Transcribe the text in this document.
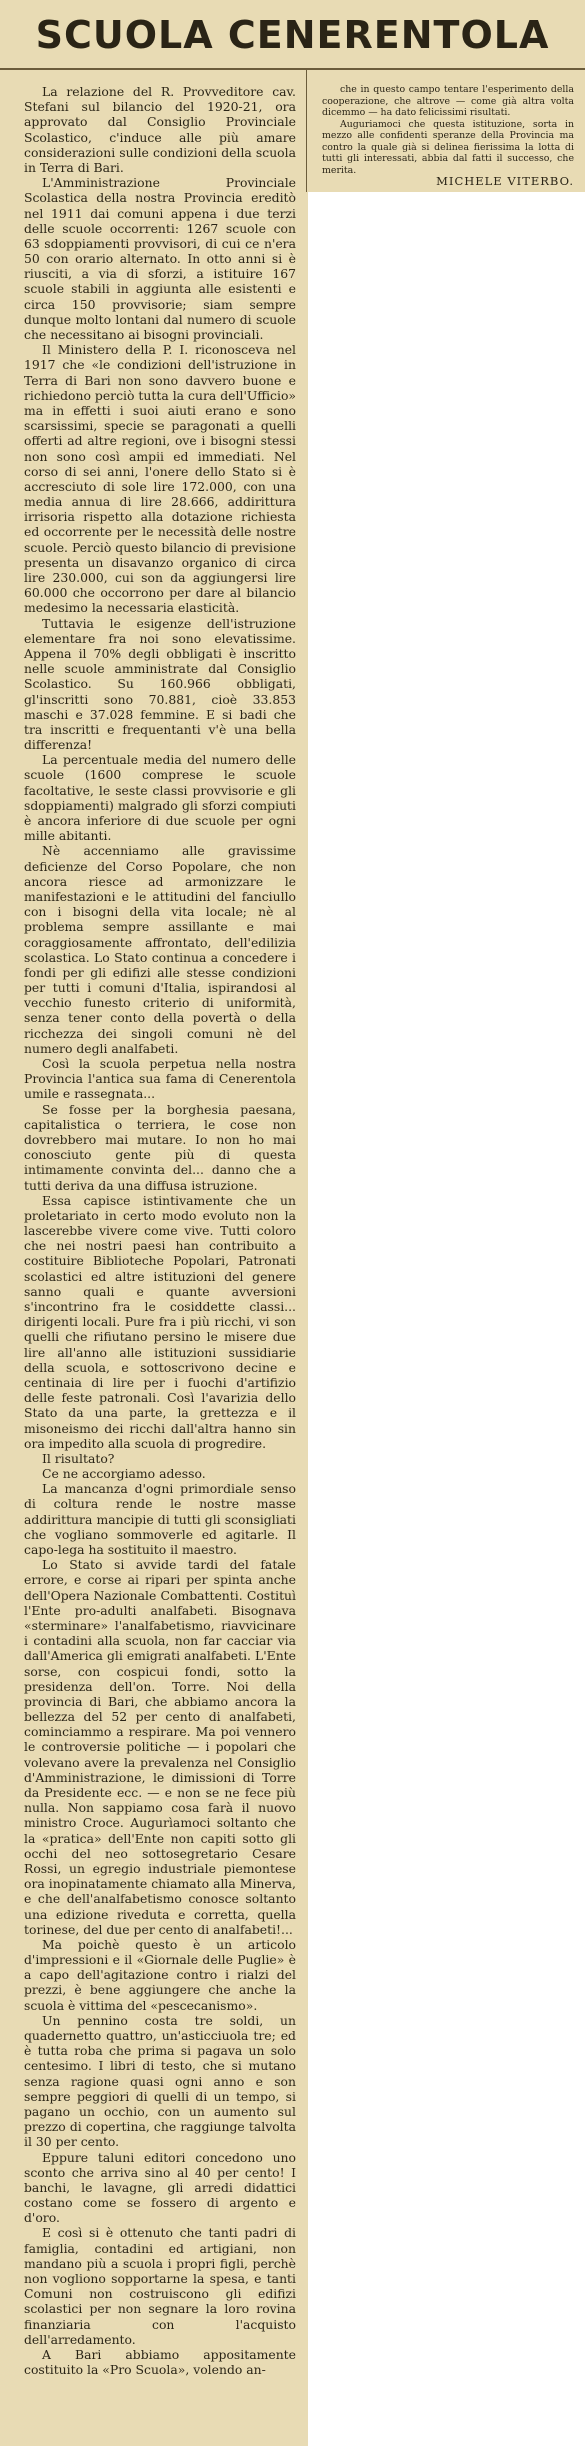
La relazione del R. Provveditore cav. Stefani sul bilancio del 1920-21, ora approvato dal Consiglio Provinciale Scolastico, c'induce alle più amare considerazioni sulle condizioni della scuola in Terra di Bari.

L'Amministrazione Provinciale Scolastica della nostra Provincia ereditò nel 1911 dai comuni appena i due terzi delle scuole occorrenti: 1267 scuole con 63 sdoppiamenti provvisori, di cui ce n'era 50 con orario alternato. In otto anni si è riusciti, a via di sforzi, a istituire 167 scuole stabili in aggiunta alle esistenti e circa 150 provvisorie; siam sempre dunque molto lontani dal numero di scuole che necessitano ai bisogni provinciali.

Il Ministero della P. I. riconosceva nel 1917 che «le condizioni dell'istruzione in Terra di Bari non sono davvero buone e richiedono perciò tutta la cura dell'Ufficio» ma in effetti i suoi aiuti erano e sono scarsissimi, specie se paragonati a quelli offerti ad altre regioni, ove i bisogni stessi non sono così ampii ed immediati. Nel corso di sei anni, l'onere dello Stato si è accresciuto di sole lire 172.000, con una media annua di lire 28.666, addirittura irrisoria rispetto alla dotazione richiesta ed occorrente per le necessità delle nostre scuole. Perciò questo bilancio di previsione presenta un disavanzo organico di circa lire 230.000, cui son da aggiungersi lire 60.000 che occorrono per dare al bilancio medesimo la necessaria elasticità.

Tuttavia le esigenze dell'istruzione elementare fra noi sono elevatissime. Appena il 70% degli obbligati è inscritto nelle scuole amministrate dal Consiglio Scolastico. Su 160.966 obbligati, gl'inscritti sono 70.881, cioè 33.853 maschi e 37.028 femmine. E si badi che tra inscritti e frequentanti v'è una bella differenza!

La percentuale media del numero delle scuole (1600 comprese le scuole facoltative, le seste classi provvisorie e gli sdoppiamenti) malgrado gli sforzi compiuti è ancora inferiore di due scuole per ogni mille abitanti.

Nè accenniamo alle gravissime deficienze del Corso Popolare, che non ancora riesce ad armonizzare le manifestazioni e le attitudini del fanciullo con i bisogni della vita locale; nè al problema sempre assillante e mai coraggiosamente affrontato, dell'edilizia scolastica. Lo Stato continua a concedere i fondi per gli edifizi alle stesse condizioni per tutti i comuni d'Italia, ispirandosi al vecchio funesto criterio di uniformità, senza tener conto della povertà o della ricchezza dei singoli comuni nè del numero degli analfabeti.

Così la scuola perpetua nella nostra Provincia l'antica sua fama di Cenerentola umile e rassegnata...

Se fosse per la borghesia paesana, capitalistica o terriera, le cose non dovrebbero mai mutare. Io non ho mai conosciuto gente più di questa intimamente convinta del... danno che a tutti deriva da una diffusa istruzione.

Essa capisce istintivamente che un proletariato in certo modo evoluto non la lascerebbe vivere come vive. Tutti coloro che nei nostri paesi han contribuito a costituire Biblioteche Popolari, Patronati scolastici ed altre istituzioni del genere sanno quali e quante avversioni s'incontrino fra le cosiddette classi... dirigenti locali. Pure fra i più ricchi, vi son quelli che rifiutano persino le misere due lire all'anno alle istituzioni sussidiarie della scuola, e sottoscrivono decine e centinaia di lire per i fuochi d'artifizio delle feste patronali. Così l'avarizia dello Stato da una parte, la grettezza e il misoneismo dei ricchi dall'altra hanno sin ora impedito alla scuola di progredire.

Il risultato?

Ce ne accorgiamo adesso.

La mancanza d'ogni primordiale senso di coltura rende le nostre masse addirittura mancipie di tutti gli sconsigliati che vogliano sommoverle ed agitarle. Il capo-lega ha sostituito il maestro.

Lo Stato si avvide tardi del fatale errore, e corse ai ripari per spinta anche dell'Opera Nazionale Combattenti. Costituì l'Ente pro-adulti analfabeti. Bisognava «sterminare» l'analfabetismo, riavvicinare i contadini alla scuola, non far cacciar via dall'America gli emigrati analfabeti. L'Ente sorse, con cospicui fondi, sotto la presidenza dell'on. Torre. Noi della provincia di Bari, che abbiamo ancora la bellezza del 52 per cento di analfabeti, cominciammo a respirare. Ma poi vennero le controversie politiche — i popolari che volevano avere la prevalenza nel Consiglio d'Amministrazione, le dimissioni di Torre da Presidente ecc. — e non se ne fece più nulla. Non sappiamo cosa farà il nuovo ministro Croce. Augurìamoci soltanto che la «pratica» dell'Ente non capiti sotto gli occhi del neo sottosegretario Cesare Rossi, un egregio industriale piemontese ora inopinatamente chiamato alla Minerva, e che dell'analfabetismo conosce soltanto una edizione riveduta e corretta, quella torinese, del due per cento di analfabeti!...

Ma poichè questo è un articolo d'impressioni e il «Giornale delle Puglie» è a capo dell'agitazione contro i rialzi del prezzi, è bene aggiungere che anche la scuola è vittima del «pescecanismo».

Un pennino costa tre soldi, un quadernetto quattro, un'asticciuola tre; ed è tutta roba che prima si pagava un solo centesimo. I libri di testo, che si mutano senza ragione quasi ogni anno e son sempre peggiori di quelli di un tempo, si pagano un occhio, con un aumento sul prezzo di copertina, che raggiunge talvolta il 30 per cento.

Eppure taluni editori concedono uno sconto che arriva sino al 40 per cento! I banchi, le lavagne, gli arredi didattici costano come se fossero di argento e d'oro.

E così si è ottenuto che tanti padri di famiglia, contadini ed artigiani, non mandano più a scuola i propri figli, perchè non vogliono sopportarne la spesa, e tanti Comuni non costruiscono gli edifizi scolastici per non segnare la loro rovina finanziaria con l'acquisto dell'arredamento.

A Bari abbiamo appositamente costituito la «Pro Scuola», volendo an-

che in questo campo tentare l'esperimento della cooperazione, che altrove — come già altra volta dicemmo — ha dato felicissimi risultati.

Auguriamoci che questa istituzione, sorta in mezzo alle confidenti speranze della Provincia ma contro la quale già si delinea fierissima la lotta di tutti gli interessati, abbia dal fatti il successo, che merita.

MICHELE VITERBO.

SCUOLA CENERENTOLA
